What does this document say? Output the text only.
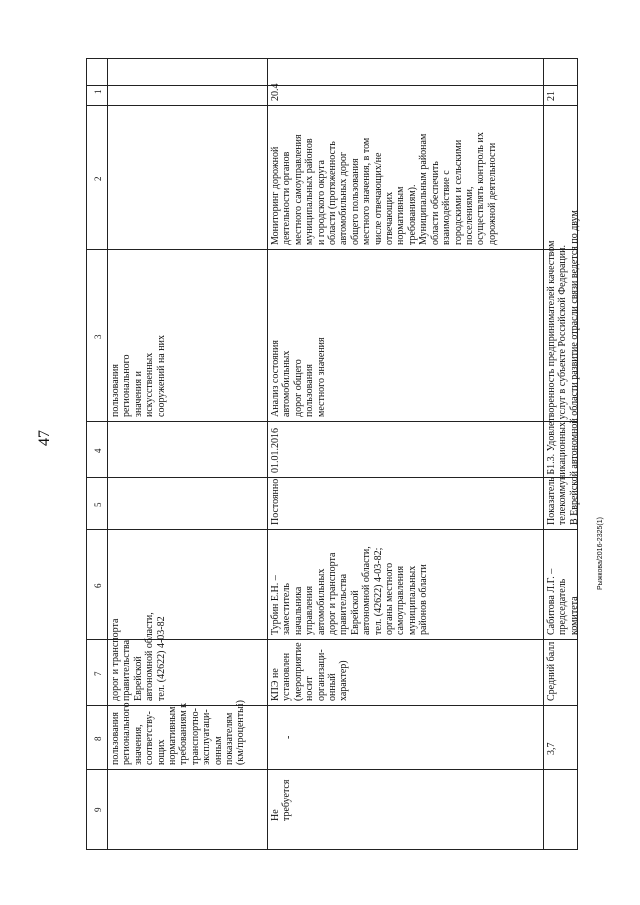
47
1
2
3
4
5
6
7
8
9
пользования
регионального
значения и
искусственных
сооружений на них
дорог и транспорта
правительства
Еврейской
автономной области,
тел. (42622) 4-03-82
пользования
регионального
значения,
соответству-
ющих
нормативным
требованиям к
транспортно-
эксплуатаци-
онным
показателям
(км/процентыi)
20.4
Мониторинг дорожной
деятельности органов
местного самоуправления
муниципальных районов
и городского округа
области (протяженность
автомобильных дорог
общего пользования
местного значения, в том
числе отвечающих/не
отвечающих
нормативным
требованиям).
Муниципальным районам
области обеспечить
взаимодействие с
городскими и сельскими
поселениями,
осуществлять контроль их
дорожной деятельности
Анализ состояния
автомобильных
дорог общего
пользования
местного значения
01.01.2016
Постоянно
Турбин Е.Н. –
заместитель
начальника
управления
автомобильных
дорог и транспорта
правительства
Еврейской
автономной области,
тел. (42622) 4-03-82;
органы местного
самоуправления
муниципальных
районов области
КПЭ не
установлен
(мероприятие
носит
организаци-
онный
характер)
-
Не
требуется
21
Показатель Б1.3. Удовлетворенность предпринимателей качеством
телекоммуникационных услуг в субъекте Российской Федерации.
В Еврейской автономной области развитие отрасли связи ведется по двум
Сабитова Л.Г. –
председатель
комитета
Средний балл
3,7
Рыжкова/2016-2325(1)
